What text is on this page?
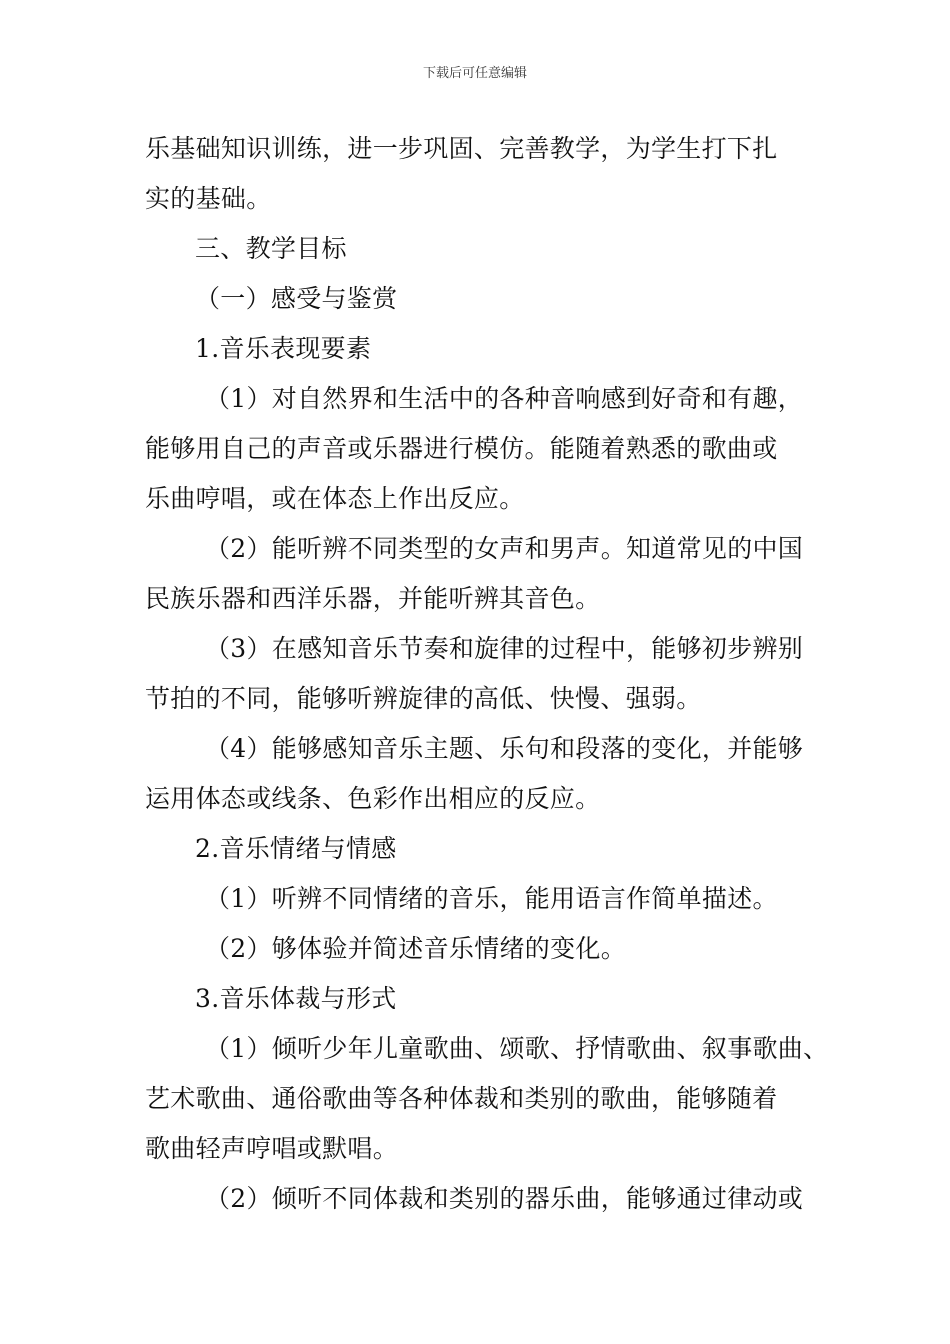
下载后可任意编辑
乐基础知识训练，进一步巩固、完善教学，为学生打下扎
实的基础。
三、教学目标
（一）感受与鉴赏
1.音乐表现要素
（1）对自然界和生活中的各种音响感到好奇和有趣，
能够用自己的声音或乐器进行模仿。能随着熟悉的歌曲或
乐曲哼唱，或在体态上作出反应。
（2）能听辨不同类型的女声和男声。知道常见的中国
民族乐器和西洋乐器，并能听辨其音色。
（3）在感知音乐节奏和旋律的过程中，能够初步辨别
节拍的不同，能够听辨旋律的高低、快慢、强弱。
（4）能够感知音乐主题、乐句和段落的变化，并能够
运用体态或线条、色彩作出相应的反应。
2.音乐情绪与情感
（1）听辨不同情绪的音乐，能用语言作简单描述。
（2）够体验并简述音乐情绪的变化。
3.音乐体裁与形式
（1）倾听少年儿童歌曲、颂歌、抒情歌曲、叙事歌曲、
艺术歌曲、通俗歌曲等各种体裁和类别的歌曲，能够随着
歌曲轻声哼唱或默唱。
（2）倾听不同体裁和类别的器乐曲，能够通过律动或
